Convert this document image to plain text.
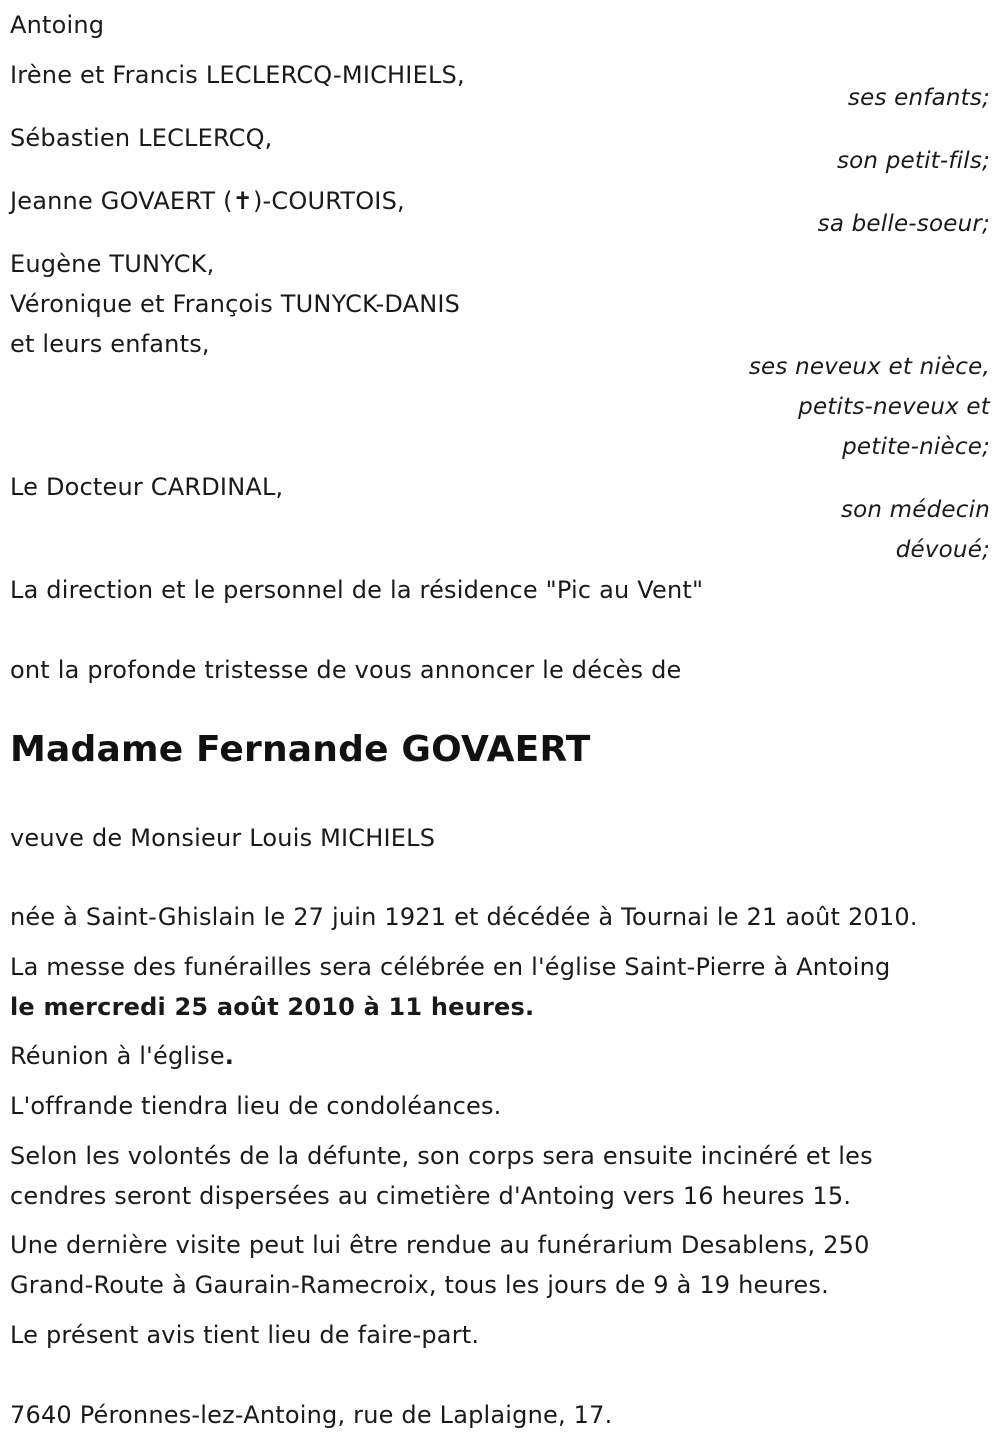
Antoing
Irène et Francis LECLERCQ-MICHIELS,
ses enfants;
Sébastien LECLERCQ,
son petit-fils;
Jeanne GOVAERT (✝)-COURTOIS,
sa belle-soeur;
Eugène TUNYCK,
Véronique et François TUNYCK-DANIS
et leurs enfants,
ses neveux et nièce,
petits-neveux et
petite-nièce;
Le Docteur CARDINAL,
son médecin
dévoué;
La direction et le personnel de la résidence "Pic au Vent"
ont la profonde tristesse de vous annoncer le décès de
Madame Fernande GOVAERT
veuve de Monsieur Louis MICHIELS
née à Saint-Ghislain le 27 juin 1921 et décédée à Tournai le 21 août 2010.
La messe des funérailles sera célébrée en l'église Saint-Pierre à Antoing
le mercredi 25 août 2010 à 11 heures.
Réunion à l'église.
L'offrande tiendra lieu de condoléances.
Selon les volontés de la défunte, son corps sera ensuite incinéré et les
cendres seront dispersées au cimetière d'Antoing vers 16 heures 15.
Une dernière visite peut lui être rendue au funérarium Desablens, 250
Grand-Route à Gaurain-Ramecroix, tous les jours de 9 à 19 heures.
Le présent avis tient lieu de faire-part.
7640 Péronnes-lez-Antoing, rue de Laplaigne, 17.
